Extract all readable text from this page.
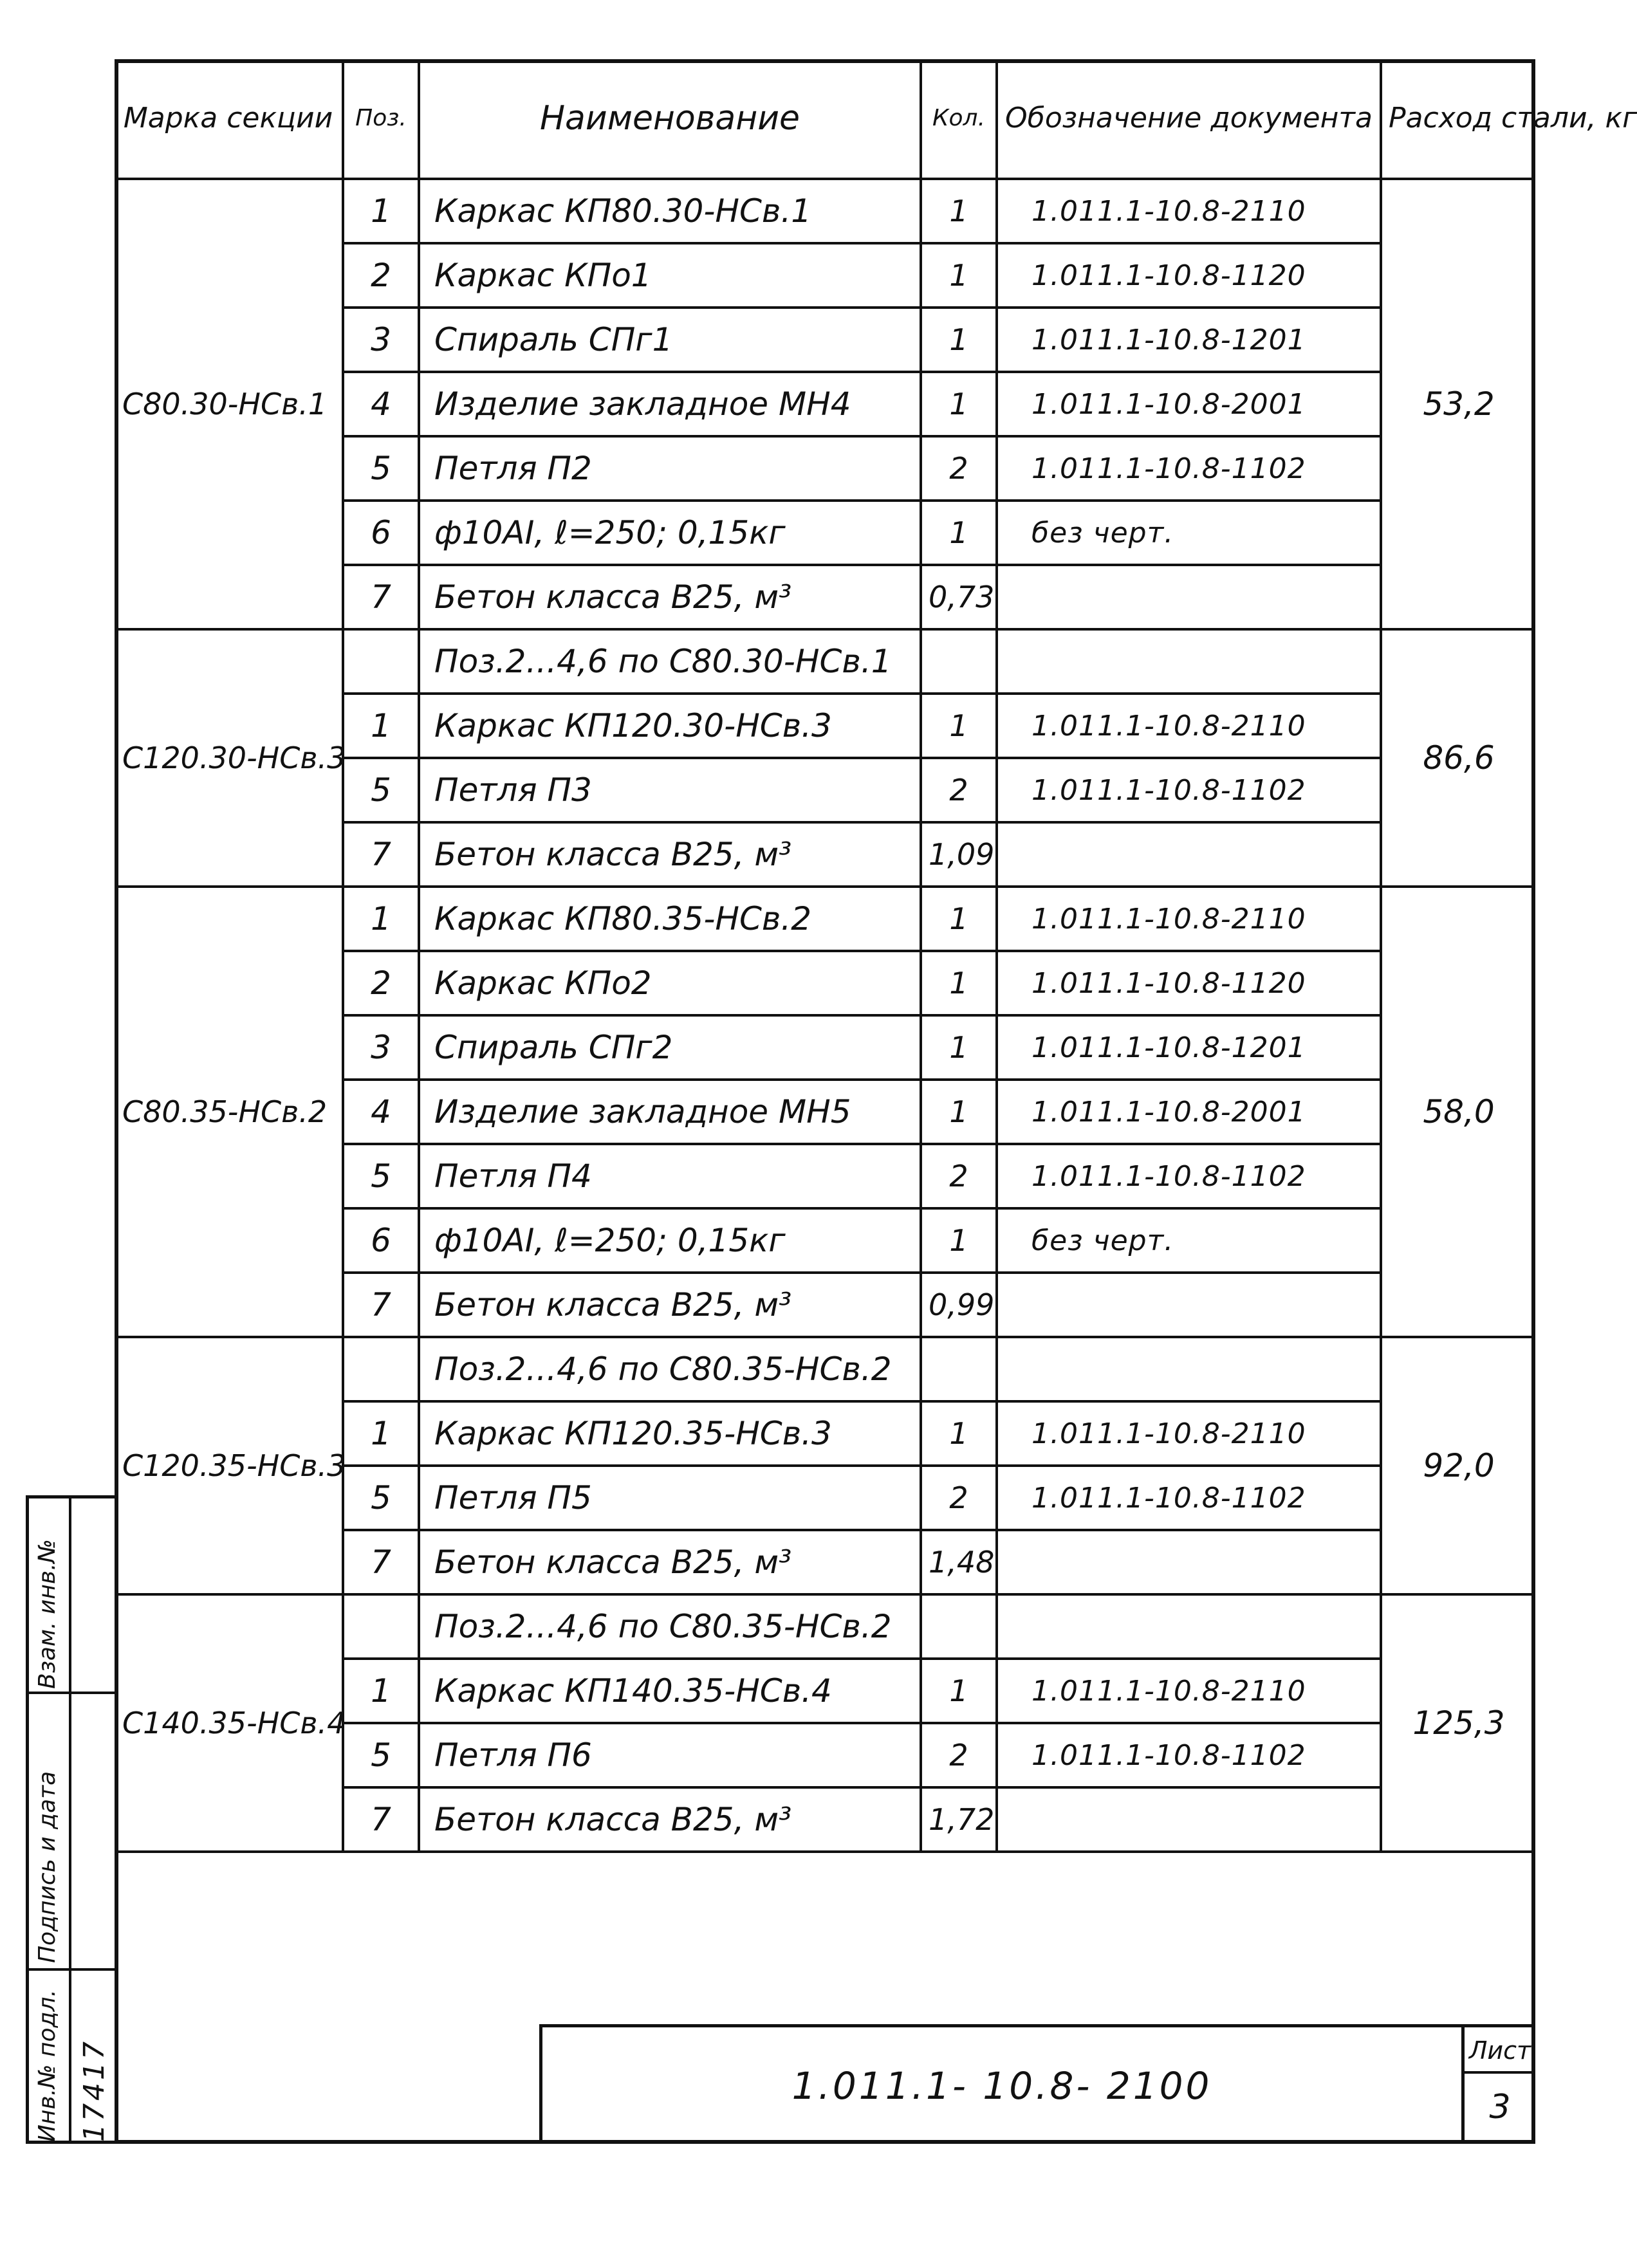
Марка секции	Поз.	Наименование	Кол.	Обозначение документа	Расход стали, кг
С80.30-НСв.1	1	Каркас КП80.30-НСв.1	1	1.011.1-10.8-2110	53,2
	2	Каркас КПо1	1	1.011.1-10.8-1120	
	3	Спираль СПг1	1	1.011.1-10.8-1201	
	4	Изделие закладное МН4	1	1.011.1-10.8-2001	
	5	Петля П2	2	1.011.1-10.8-1102	
	6	ф10АI, ℓ=250; 0,15кг	1	без черт.	
	7	Бетон класса В25, м³	0,73		
С120.30-НСв.3		Поз.2...4,6 по С80.30-НСв.1			86,6
	1	Каркас КП120.30-НСв.3	1	1.011.1-10.8-2110	
	5	Петля П3	2	1.011.1-10.8-1102	
	7	Бетон класса В25, м³	1,09		
С80.35-НСв.2	1	Каркас КП80.35-НСв.2	1	1.011.1-10.8-2110	58,0
	2	Каркас КПо2	1	1.011.1-10.8-1120	
	3	Спираль СПг2	1	1.011.1-10.8-1201	
	4	Изделие закладное МН5	1	1.011.1-10.8-2001	
	5	Петля П4	2	1.011.1-10.8-1102	
	6	ф10АI, ℓ=250; 0,15кг	1	без черт.	
	7	Бетон класса В25, м³	0,99		
С120.35-НСв.3		Поз.2...4,6 по С80.35-НСв.2			92,0
	1	Каркас КП120.35-НСв.3	1	1.011.1-10.8-2110	
	5	Петля П5	2	1.011.1-10.8-1102	
	7	Бетон класса В25, м³	1,48		
С140.35-НСв.4		Поз.2...4,6 по С80.35-НСв.2			125,3
	1	Каркас КП140.35-НСв.4	1	1.011.1-10.8-2110	
	5	Петля П6	2	1.011.1-10.8-1102	
	7	Бетон класса В25, м³	1,72		
Взам. инв.№
Подпись и дата
Инв.№ подл. 17417	1.011.1- 10.8- 2100
Лист
3
